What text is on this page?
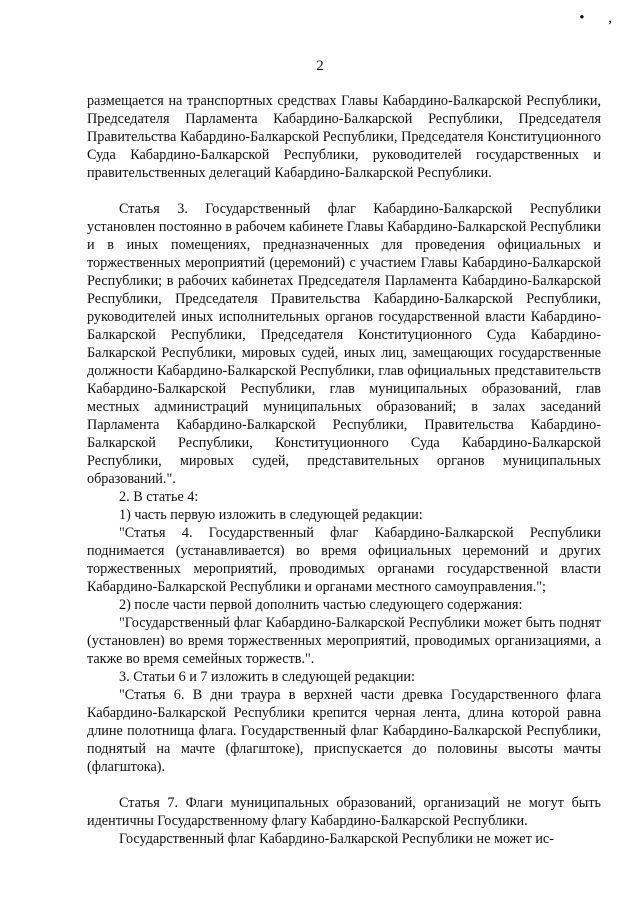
• ,
2

размещается на транспортных средствах Главы Кабардино-Балкарской Республики, Председателя Парламента Кабардино-Балкарской Республики, Председателя Правительства Кабардино-Балкарской Республики, Председателя Конституционного Суда Кабардино-Балкарской Республики, руководителей государственных и правительственных делегаций Кабардино-Балкарской Республики.

Статья 3. Государственный флаг Кабардино-Балкарской Республики установлен постоянно в рабочем кабинете Главы Кабардино-Балкарской Республики и в иных помещениях, предназначенных для проведения официальных и торжественных мероприятий (церемоний) с участием Главы Кабардино-Балкарской Республики; в рабочих кабинетах Председателя Парламента Кабардино-Балкарской Республики, Председателя Правительства Кабардино-Балкарской Республики, руководителей иных исполнительных органов государственной власти Кабардино-Балкарской Республики, Председателя Конституционного Суда Кабардино-Балкарской Республики, мировых судей, иных лиц, замещающих государственные должности Кабардино-Балкарской Республики, глав официальных представительств Кабардино-Балкарской Республики, глав муниципальных образований, глав местных администраций муниципальных образований; в залах заседаний Парламента Кабардино-Балкарской Республики, Правительства Кабардино-Балкарской Республики, Конституционного Суда Кабардино-Балкарской Республики, мировых судей, представительных органов муниципальных образований.".

2. В статье 4:

1) часть первую изложить в следующей редакции:

"Статья 4. Государственный флаг Кабардино-Балкарской Республики поднимается (устанавливается) во время официальных церемоний и других торжественных мероприятий, проводимых органами государственной власти Кабардино-Балкарской Республики и органами местного самоуправления.";

2) после части первой дополнить частью следующего содержания:

"Государственный флаг Кабардино-Балкарской Республики может быть поднят (установлен) во время торжественных мероприятий, проводимых организациями, а также во время семейных торжеств.".

3. Статьи 6 и 7 изложить в следующей редакции:

"Статья 6. В дни траура в верхней части древка Государственного флага Кабардино-Балкарской Республики крепится черная лента, длина которой равна длине полотнища флага. Государственный флаг Кабардино-Балкарской Республики, поднятый на мачте (флагштоке), приспускается до половины высоты мачты (флагштока).

Статья 7. Флаги муниципальных образований, организаций не могут быть идентичны Государственному флагу Кабардино-Балкарской Республики.

Государственный флаг Кабардино-Балкарской Республики не может ис-
